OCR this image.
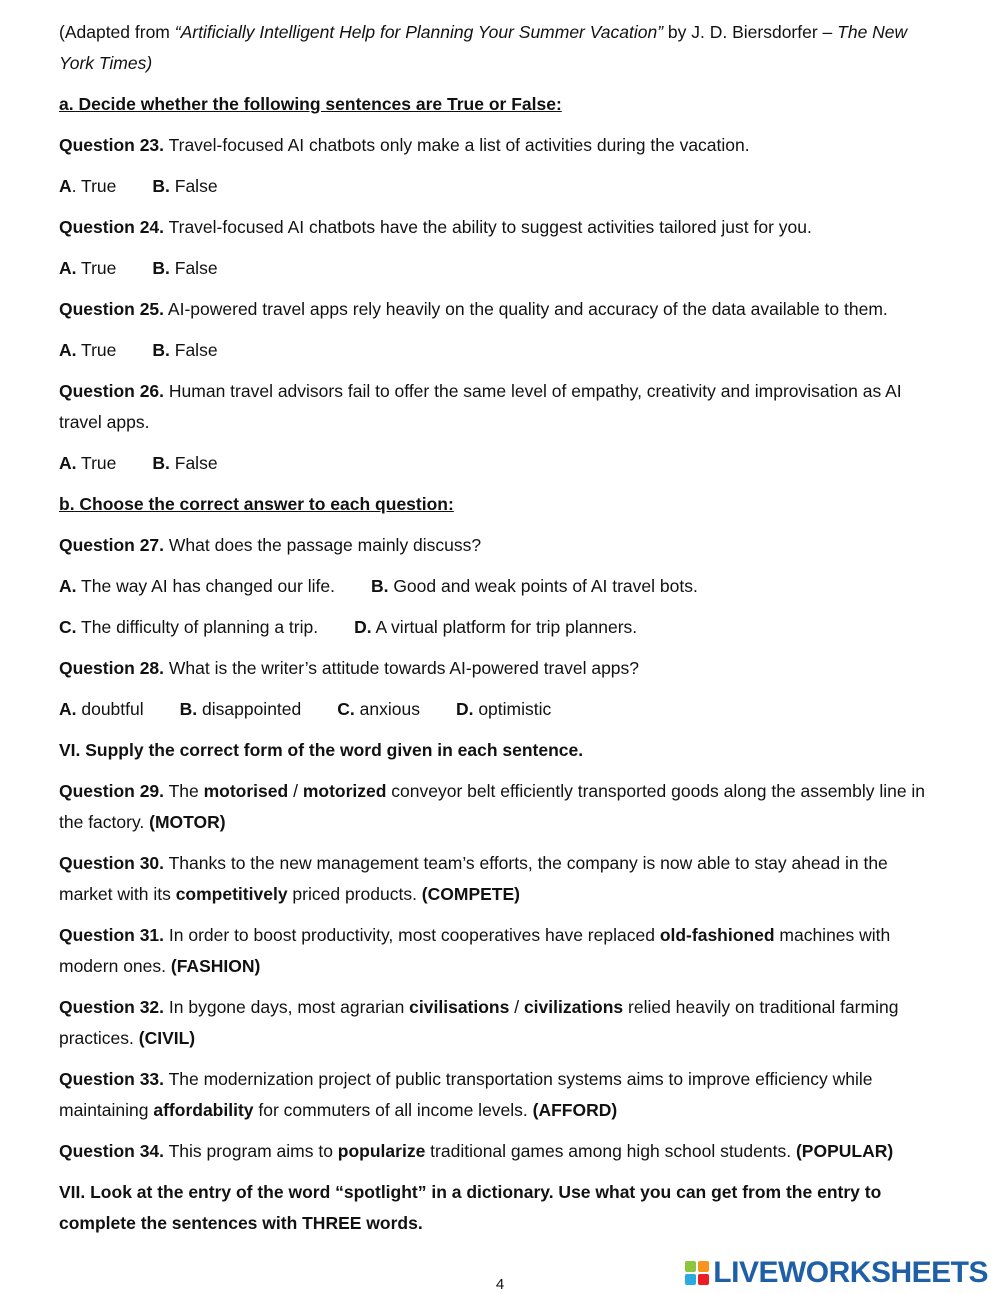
(Adapted from “Artificially Intelligent Help for Planning Your Summer Vacation” by J. D. Biersdorfer – The New York Times)

a. Decide whether the following sentences are True or False:

Question 23. Travel-focused AI chatbots only make a list of activities during the vacation.

A. True B. False

Question 24. Travel-focused AI chatbots have the ability to suggest activities tailored just for you.

A. True B. False

Question 25. AI-powered travel apps rely heavily on the quality and accuracy of the data available to them.

A. True B. False

Question 26. Human travel advisors fail to offer the same level of empathy, creativity and improvisation as AI travel apps.

A. True B. False

b. Choose the correct answer to each question:

Question 27. What does the passage mainly discuss?

A. The way AI has changed our life. B. Good and weak points of AI travel bots.

C. The difficulty of planning a trip. D. A virtual platform for trip planners.

Question 28. What is the writer’s attitude towards AI-powered travel apps?

A. doubtful B. disappointed C. anxious D. optimistic

VI. Supply the correct form of the word given in each sentence.

Question 29. The motorised / motorized conveyor belt efficiently transported goods along the assembly line in the factory. (MOTOR)

Question 30. Thanks to the new management team’s efforts, the company is now able to stay ahead in the market with its competitively priced products. (COMPETE)

Question 31. In order to boost productivity, most cooperatives have replaced old-fashioned machines with modern ones. (FASHION)

Question 32. In bygone days, most agrarian civilisations / civilizations relied heavily on traditional farming practices. (CIVIL)

Question 33. The modernization project of public transportation systems aims to improve efficiency while maintaining affordability for commuters of all income levels. (AFFORD)

Question 34. This program aims to popularize traditional games among high school students. (POPULAR)

VII. Look at the entry of the word “spotlight” in a dictionary. Use what you can get from the entry to complete the sentences with THREE words.

4	LIVEWORKSHEETS
